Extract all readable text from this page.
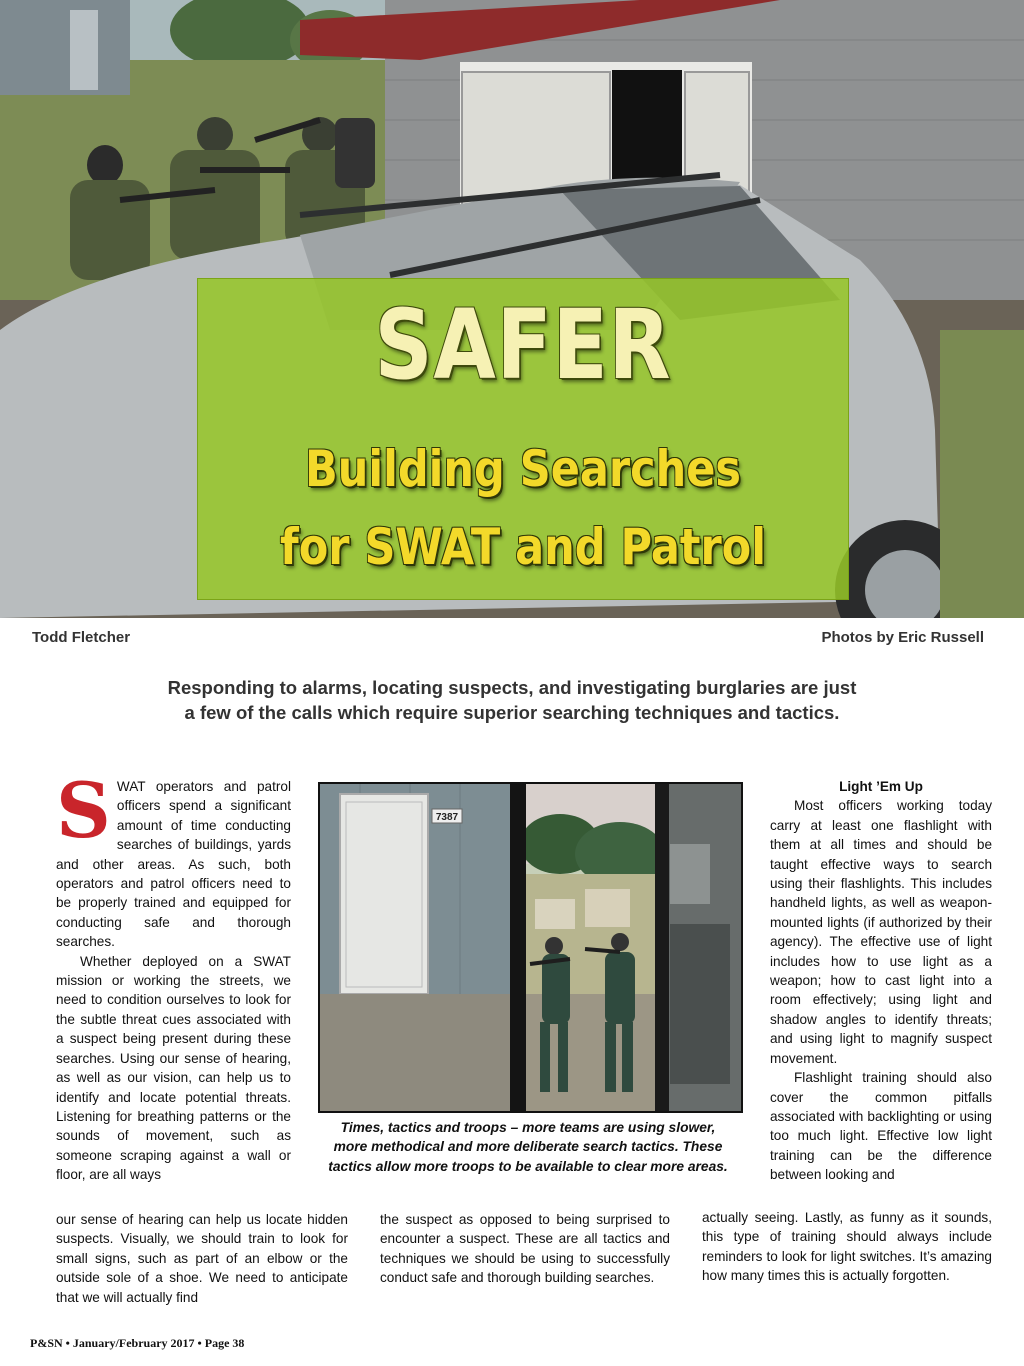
SAFER
Building Searches
for SWAT and Patrol
Todd Fletcher	Photos by Eric Russell
Responding to alarms, locating suspects, and investigating burglaries are just
a few of the calls which require superior searching techniques and tactics.
S WAT operators and patrol officers spend a significant amount of time conducting searches of buildings, yards and other areas. As such, both operators and patrol officers need to be properly trained and equipped for conducting safe and thorough searches.

Whether deployed on a SWAT mission or working the streets, we need to condition ourselves to look for the subtle threat cues associated with a suspect being present during these searches. Using our sense of hearing, as well as our vision, can help us to identify and locate potential threats. Listening for breathing patterns or the sounds of movement, such as someone scraping against a wall or floor, are all ways

7387
Times, tactics and troops – more teams are using slower, more methodical and more deliberate search tactics. These tactics allow more troops to be available to clear more areas.

our sense of hearing can help us locate hidden suspects. Visually, we should train to look for small signs, such as part of an elbow or the outside sole of a shoe. We need to anticipate that we will actually find

the suspect as opposed to being surprised to encounter a suspect. These are all tactics and techniques we should be using to successfully conduct safe and thorough building searches.

Light ’Em Up

Most officers working today carry at least one flashlight with them at all times and should be taught effective ways to search using their flashlights. This includes handheld lights, as well as weapon-mounted lights (if authorized by their agency). The effective use of light includes how to use light as a weapon; how to cast light into a room effectively; using light and shadow angles to identify threats; and using light to magnify suspect movement.

Flashlight training should also cover the common pitfalls associated with backlighting or using too much light. Effective low light training can be the difference between looking and

actually seeing. Lastly, as funny as it sounds, this type of training should always include reminders to look for light switches. It’s amazing how many times this is actually forgotten.

P&SN • January/February 2017 • Page 38
